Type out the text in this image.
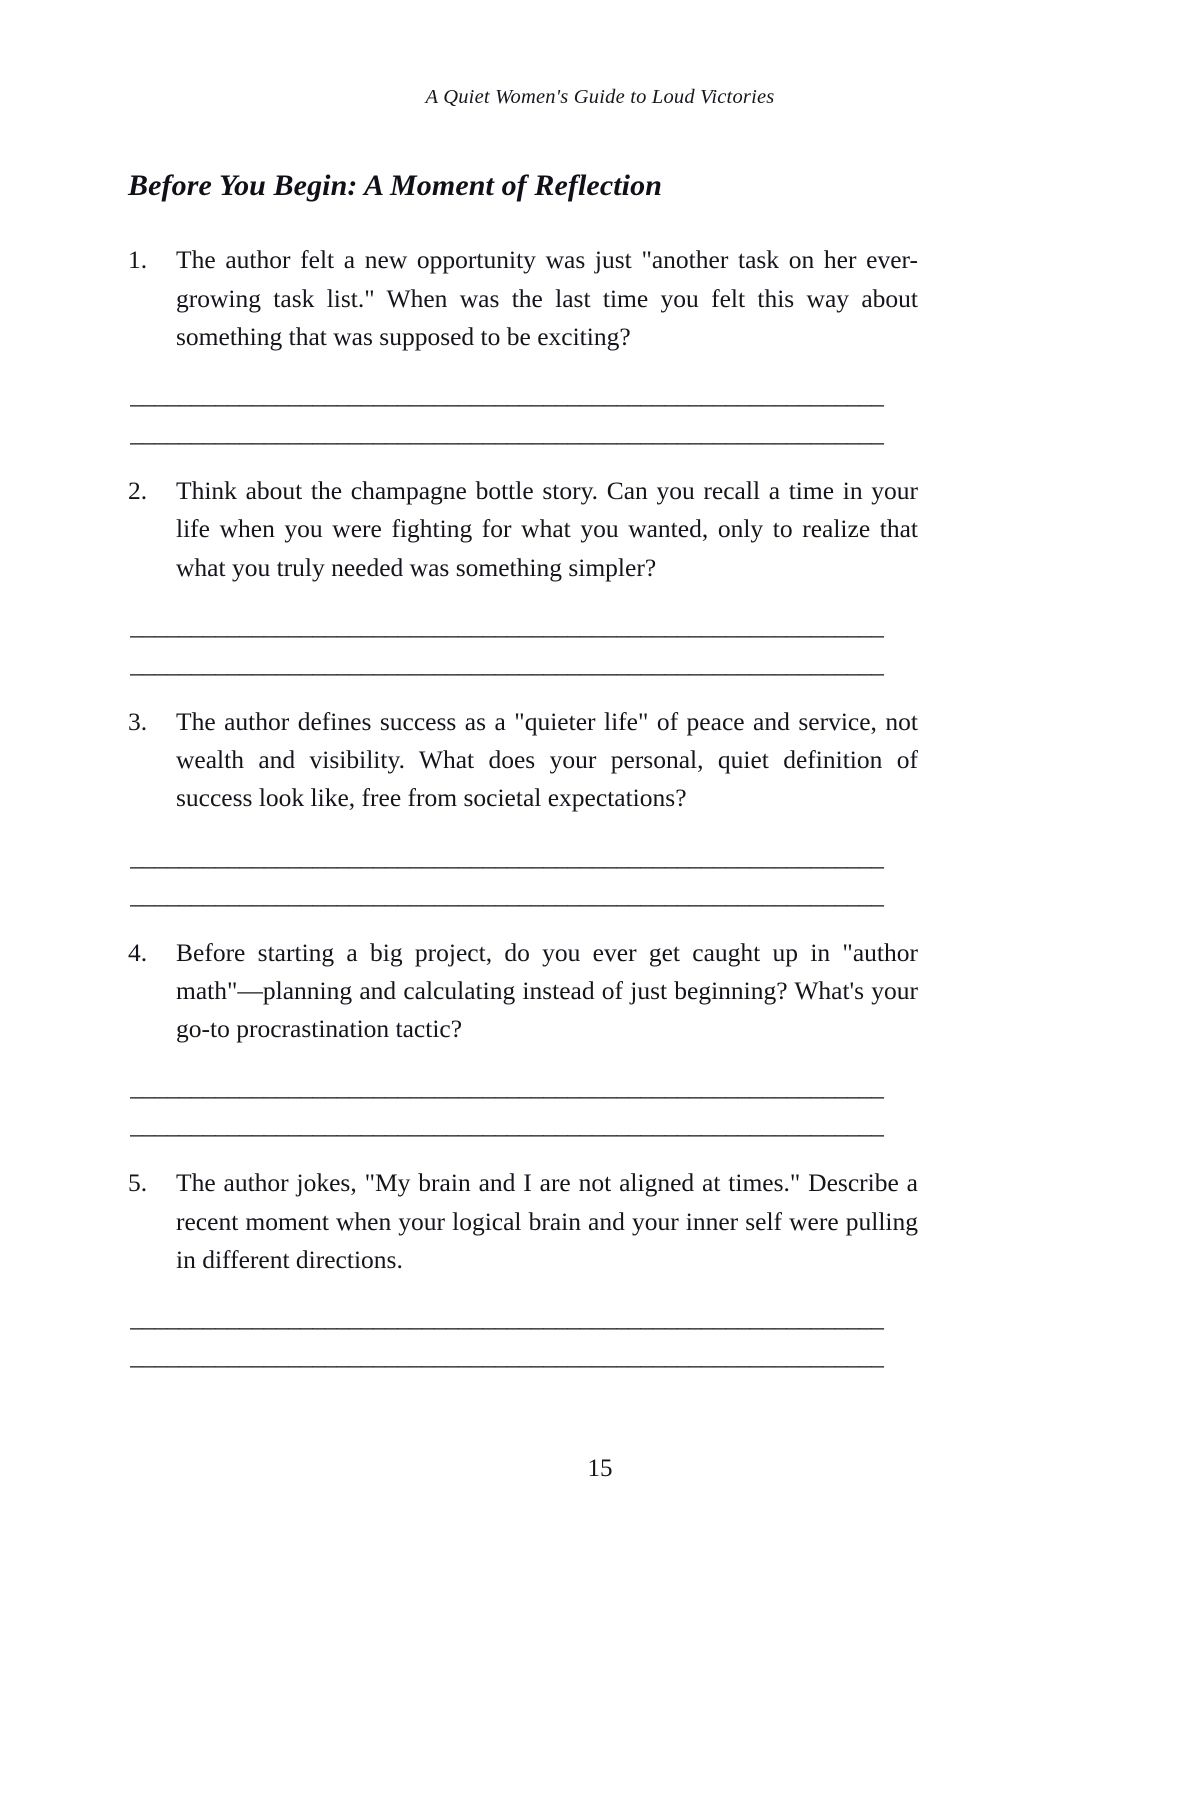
A Quiet Women's Guide to Loud Victories
Before You Begin: A Moment of Reflection
1.	The author felt a new opportunity was just "another task on her ever-growing task list." When was the last time you felt this way about something that was supposed to be exciting?
______________________________________________________________
______________________________________________________________
2.	Think about the champagne bottle story. Can you recall a time in your life when you were fighting for what you wanted, only to realize that what you truly needed was something simpler?
______________________________________________________________
______________________________________________________________
3.	The author defines success as a "quieter life" of peace and service, not wealth and visibility. What does your personal, quiet definition of success look like, free from societal expectations?
______________________________________________________________
______________________________________________________________
4.	Before starting a big project, do you ever get caught up in "author math"—planning and calculating instead of just beginning? What's your go-to procrastination tactic?
______________________________________________________________
______________________________________________________________
5.	The author jokes, "My brain and I are not aligned at times." Describe a recent moment when your logical brain and your inner self were pulling in different directions.
______________________________________________________________
______________________________________________________________
15
